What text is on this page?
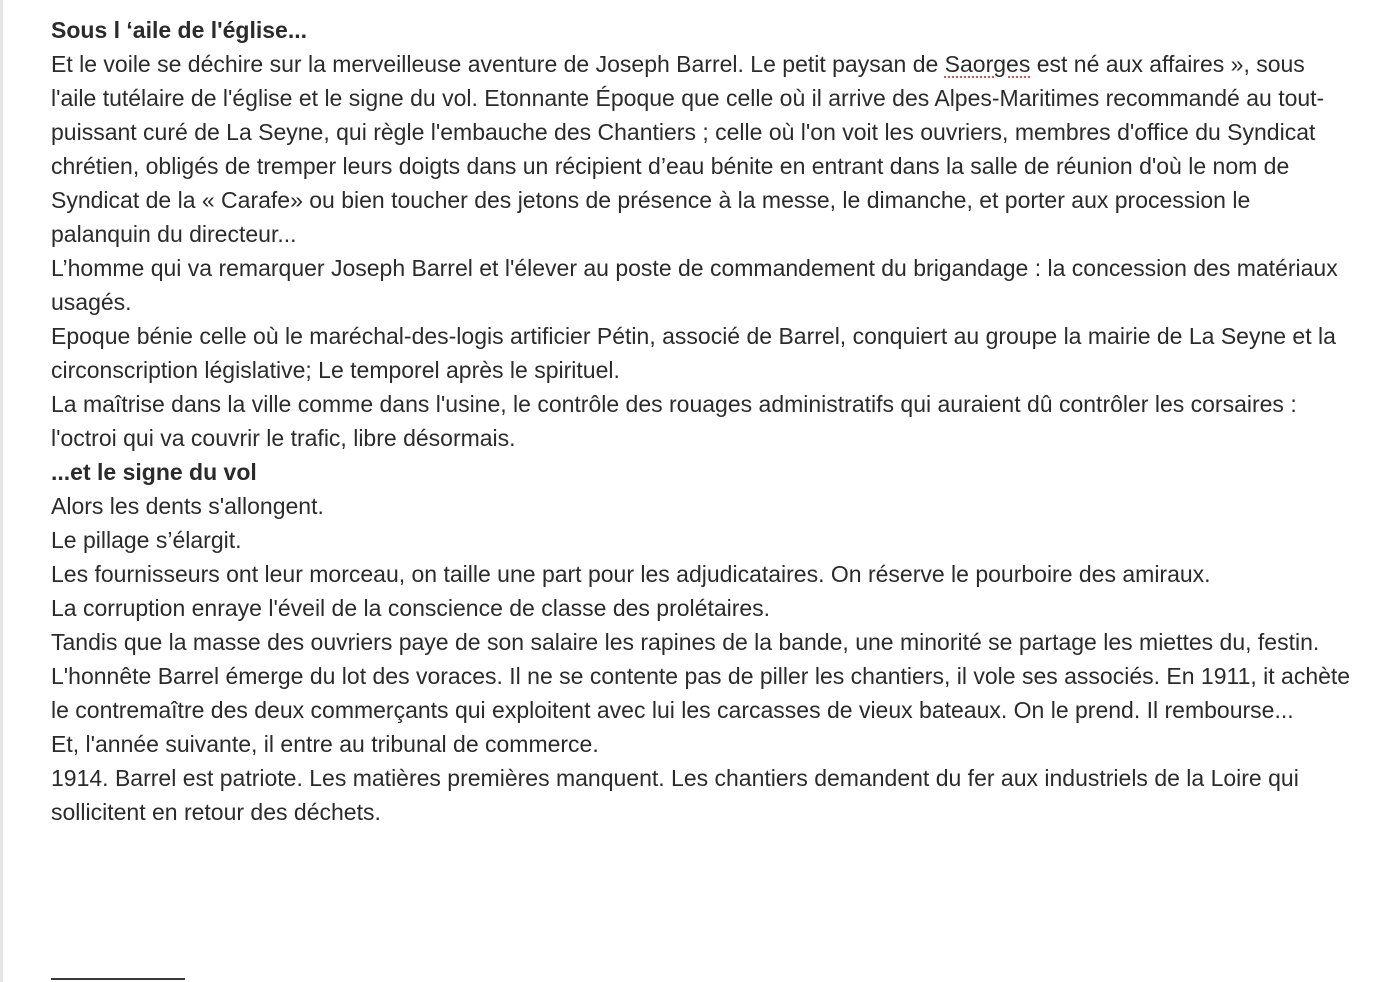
Sous l ‘aile de l'église...

Et le voile se déchire sur la merveilleuse aventure de Joseph Barrel. Le petit paysan de Saorges est né aux affaires », sous l'aile tutélaire de l'église et le signe du vol. Etonnante Époque que celle où il arrive des Alpes-Maritimes recommandé au tout-puissant curé de La Seyne, qui règle l'embauche des Chantiers ; celle où l'on voit les ouvriers, membres d'office du Syndicat chrétien, obligés de tremper leurs doigts dans un récipient d’eau bénite en entrant dans la salle de réunion d'où le nom de Syndicat de la « Carafe» ou bien toucher des jetons de présence à la messe, le dimanche, et porter aux procession le palanquin du directeur...

L’homme qui va remarquer Joseph Barrel et l'élever au poste de commandement du brigandage : la concession des matériaux usagés.

Epoque bénie celle où le maréchal-des-logis artificier Pétin, associé de Barrel, conquiert au groupe la mairie de La Seyne et la circonscription législative; Le temporel après le spirituel.

La maîtrise dans la ville comme dans l'usine, le contrôle des rouages administratifs qui auraient dû contrôler les corsaires : l'octroi qui va couvrir le trafic, libre désormais.

...et le signe du vol

Alors les dents s'allongent.

Le pillage s’élargit.

Les fournisseurs ont leur morceau, on taille une part pour les adjudicataires. On réserve le pourboire des amiraux.

La corruption enraye l'éveil de la conscience de classe des prolétaires.

Tandis que la masse des ouvriers paye de son salaire les rapines de la bande, une minorité se partage les miettes du, festin.

L'honnête Barrel émerge du lot des voraces. Il ne se contente pas de piller les chantiers, il vole ses associés. En 1911, it achète le contremaître des deux commerçants qui exploitent avec lui les carcasses de vieux bateaux. On le prend. Il rembourse...

Et, l'année suivante, il entre au tribunal de commerce.

1914. Barrel est patriote. Les matières premières manquent. Les chantiers demandent du fer aux industriels de la Loire qui sollicitent en retour des déchets.
